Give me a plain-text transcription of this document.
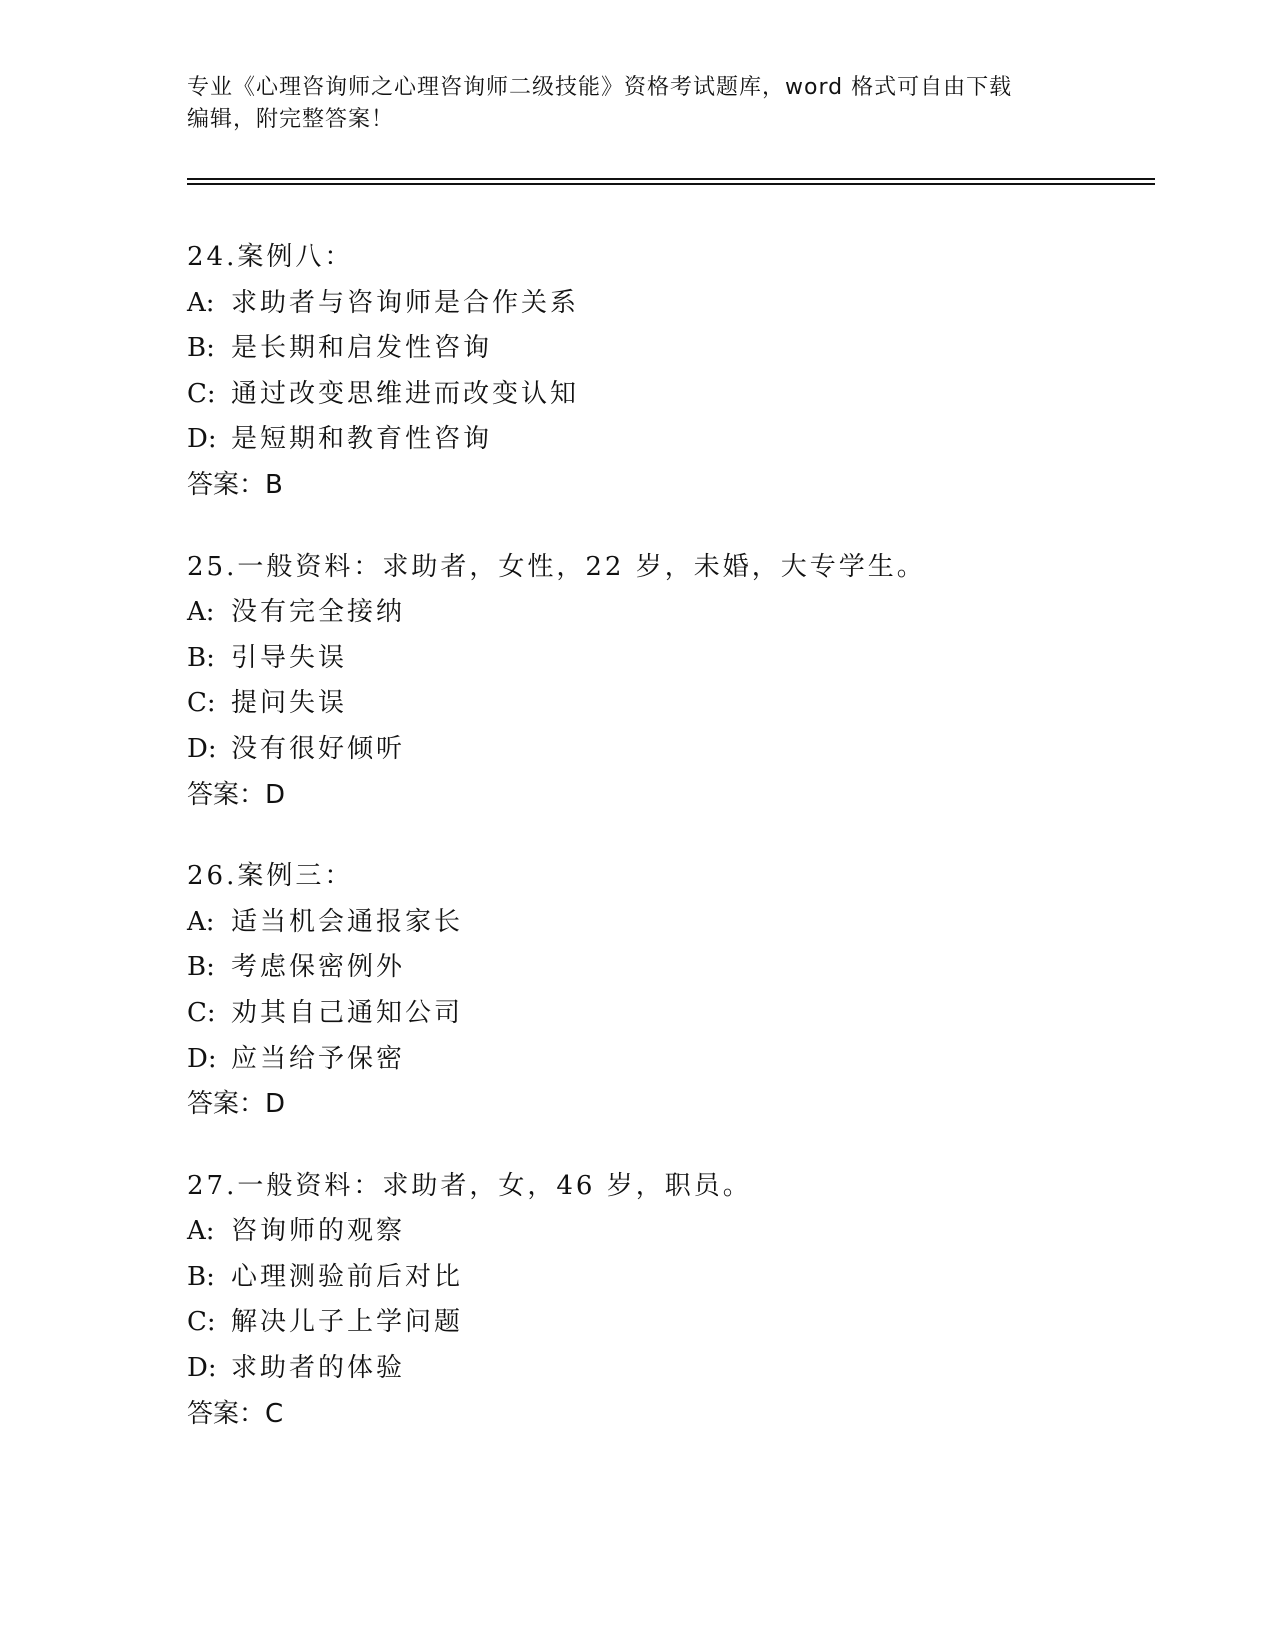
专业《心理咨询师之心理咨询师二级技能》资格考试题库，word 格式可自由下载
编辑，附完整答案！
24.案例八：
A: 求助者与咨询师是合作关系
B: 是长期和启发性咨询
C: 通过改变思维进而改变认知
D: 是短期和教育性咨询
答案：B
25.一般资料：求助者，女性，22 岁，未婚，大专学生。
A: 没有完全接纳
B: 引导失误
C: 提问失误
D: 没有很好倾听
答案：D
26.案例三：
A: 适当机会通报家长
B: 考虑保密例外
C: 劝其自己通知公司
D: 应当给予保密
答案：D
27.一般资料：求助者，女，46 岁，职员。
A: 咨询师的观察
B: 心理测验前后对比
C: 解决儿子上学问题
D: 求助者的体验
答案：C
